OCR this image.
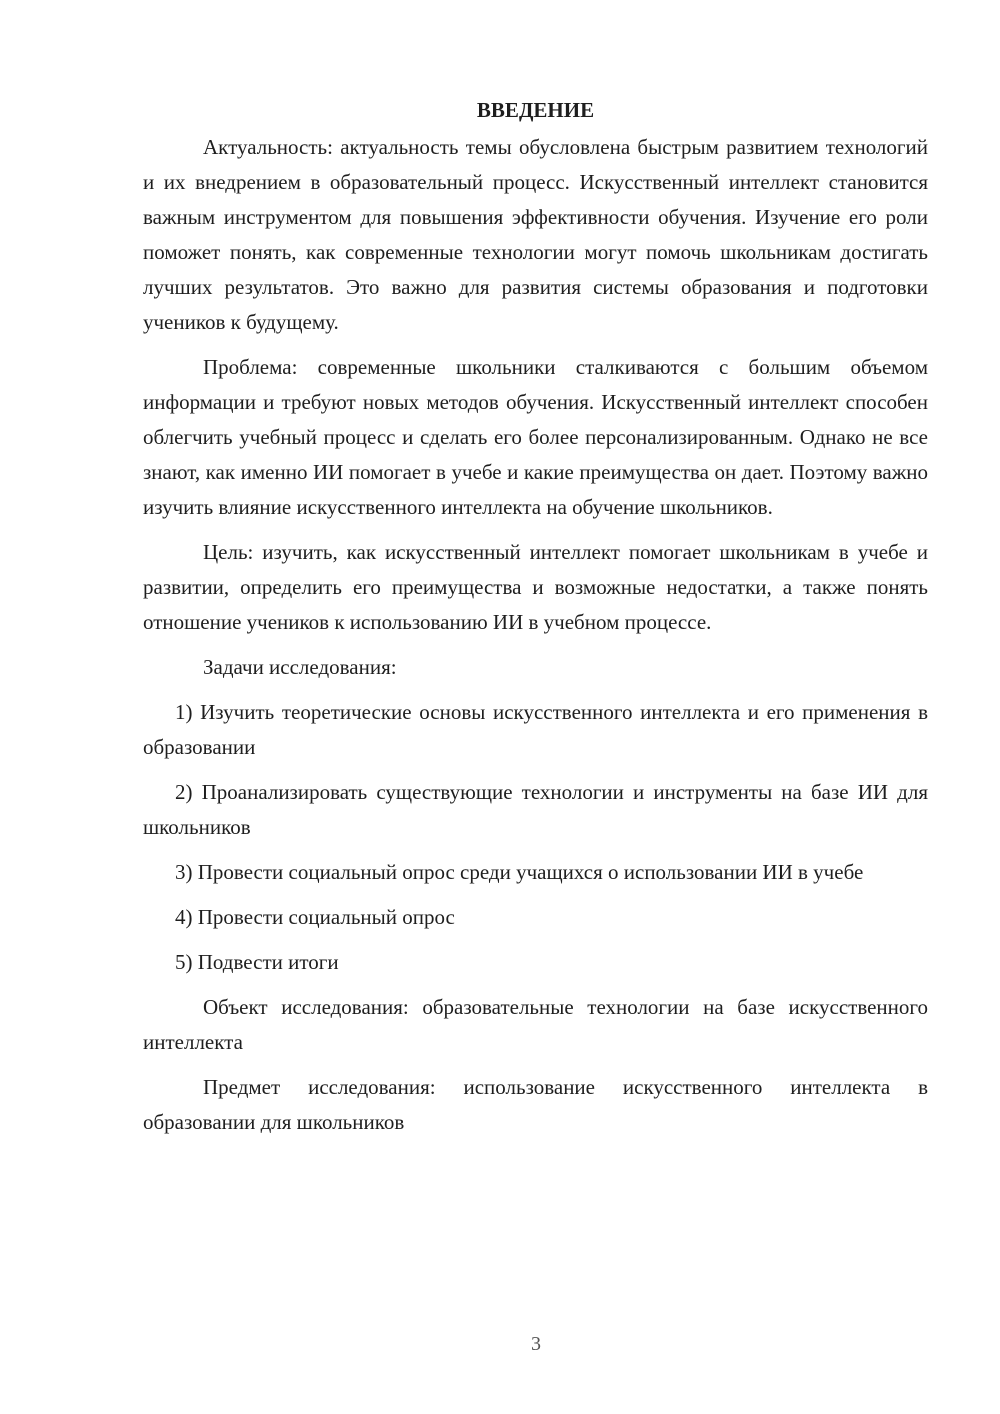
ВВЕДЕНИЕ

Актуальность: актуальность темы обусловлена быстрым развитием технологий и их внедрением в образовательный процесс. Искусственный интеллект становится важным инструментом для повышения эффективности обучения. Изучение его роли поможет понять, как современные технологии могут помочь школьникам достигать лучших результатов. Это важно для развития системы образования и подготовки учеников к будущему.

Проблема: современные школьники сталкиваются с большим объемом информации и требуют новых методов обучения. Искусственный интеллект способен облегчить учебный процесс и сделать его более персонализированным. Однако не все знают, как именно ИИ помогает в учебе и какие преимущества он дает. Поэтому важно изучить влияние искусственного интеллекта на обучение школьников.

Цель: изучить, как искусственный интеллект помогает школьникам в учебе и развитии, определить его преимущества и возможные недостатки, а также понять отношение учеников к использованию ИИ в учебном процессе.

Задачи исследования:

1) Изучить теоретические основы искусственного интеллекта и его применения в образовании

2) Проанализировать существующие технологии и инструменты на базе ИИ для школьников

3) Провести социальный опрос среди учащихся о использовании ИИ в учебе

4) Провести социальный опрос

5) Подвести итоги

Объект исследования: образовательные технологии на базе искусственного интеллекта

Предмет исследования: использование искусственного интеллекта в образовании для школьников

3
